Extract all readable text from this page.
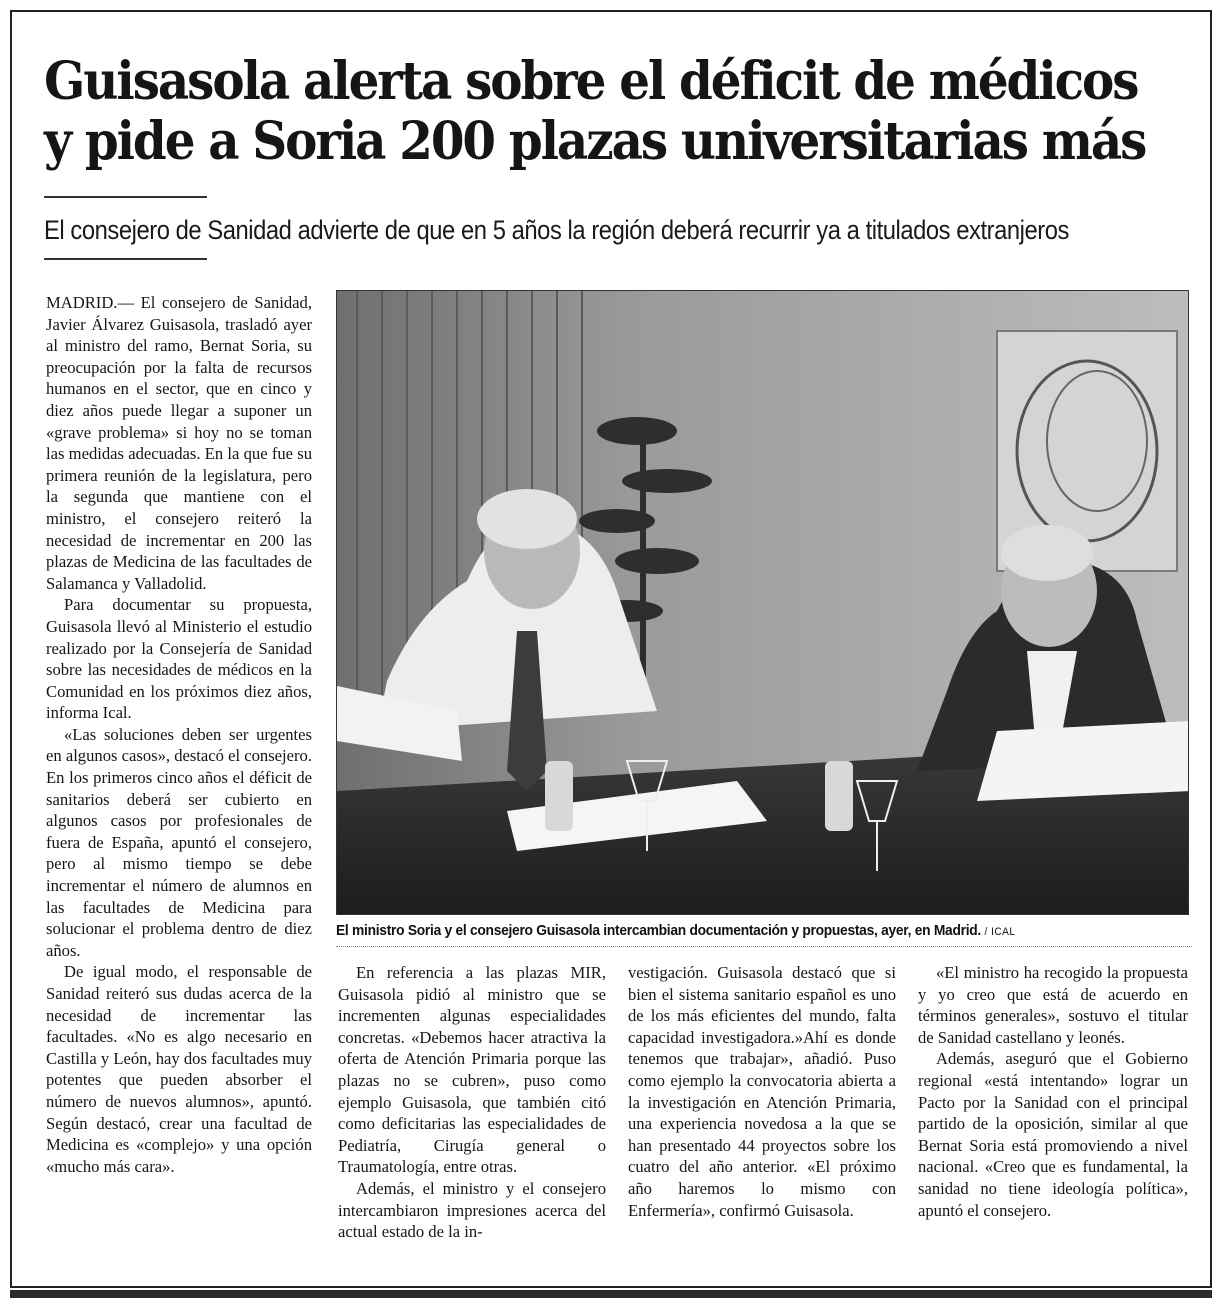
Guisasola alerta sobre el déficit de médicos
y pide a Soria 200 plazas universitarias más
El consejero de Sanidad advierte de que en 5 años la región deberá recurrir ya a titulados extranjeros

MADRID.— El consejero de Sanidad, Javier Álvarez Guisasola, trasladó ayer al ministro del ramo, Bernat Soria, su preocupación por la falta de recursos humanos en el sector, que en cinco y diez años puede llegar a suponer un «grave problema» si hoy no se toman las medidas adecuadas. En la que fue su primera reunión de la legislatura, pero la segunda que mantiene con el ministro, el consejero reiteró la necesidad de incrementar en 200 las plazas de Medicina de las facultades de Salamanca y Valladolid.

Para documentar su propuesta, Guisasola llevó al Ministerio el estudio realizado por la Consejería de Sanidad sobre las necesidades de médicos en la Comunidad en los próximos diez años, informa Ical.

«Las soluciones deben ser urgentes en algunos casos», destacó el consejero. En los primeros cinco años el déficit de sanitarios deberá ser cubierto en algunos casos por profesionales de fuera de España, apuntó el consejero, pero al mismo tiempo se debe incrementar el número de alumnos en las facultades de Medicina para solucionar el problema dentro de diez años.

De igual modo, el responsable de Sanidad reiteró sus dudas acerca de la necesidad de incrementar las facultades. «No es algo necesario en Castilla y León, hay dos facultades muy potentes que pueden absorber el número de nuevos alumnos», apuntó. Según destacó, crear una facultad de Medicina es «complejo» y una opción «mucho más cara».

El ministro Soria y el consejero Guisasola intercambian documentación y propuestas, ayer, en Madrid. / ICAL

En referencia a las plazas MIR, Guisasola pidió al ministro que se incrementen algunas especialidades concretas. «Debemos hacer atractiva la oferta de Atención Primaria porque las plazas no se cubren», puso como ejemplo Guisasola, que también citó como deficitarias las especialidades de Pediatría, Cirugía general o Traumatología, entre otras.

Además, el ministro y el consejero intercambiaron impresiones acerca del actual estado de la in-

vestigación. Guisasola destacó que si bien el sistema sanitario español es uno de los más eficientes del mundo, falta capacidad investigadora.»Ahí es donde tenemos que trabajar», añadió. Puso como ejemplo la convocatoria abierta a la investigación en Atención Primaria, una experiencia novedosa a la que se han presentado 44 proyectos sobre los cuatro del año anterior. «El próximo año haremos lo mismo con Enfermería», confirmó Guisasola.

«El ministro ha recogido la propuesta y yo creo que está de acuerdo en términos generales», sostuvo el titular de Sanidad castellano y leonés.

Además, aseguró que el Gobierno regional «está intentando» lograr un Pacto por la Sanidad con el principal partido de la oposición, similar al que Bernat Soria está promoviendo a nivel nacional. «Creo que es fundamental, la sanidad no tiene ideología política», apuntó el consejero.
